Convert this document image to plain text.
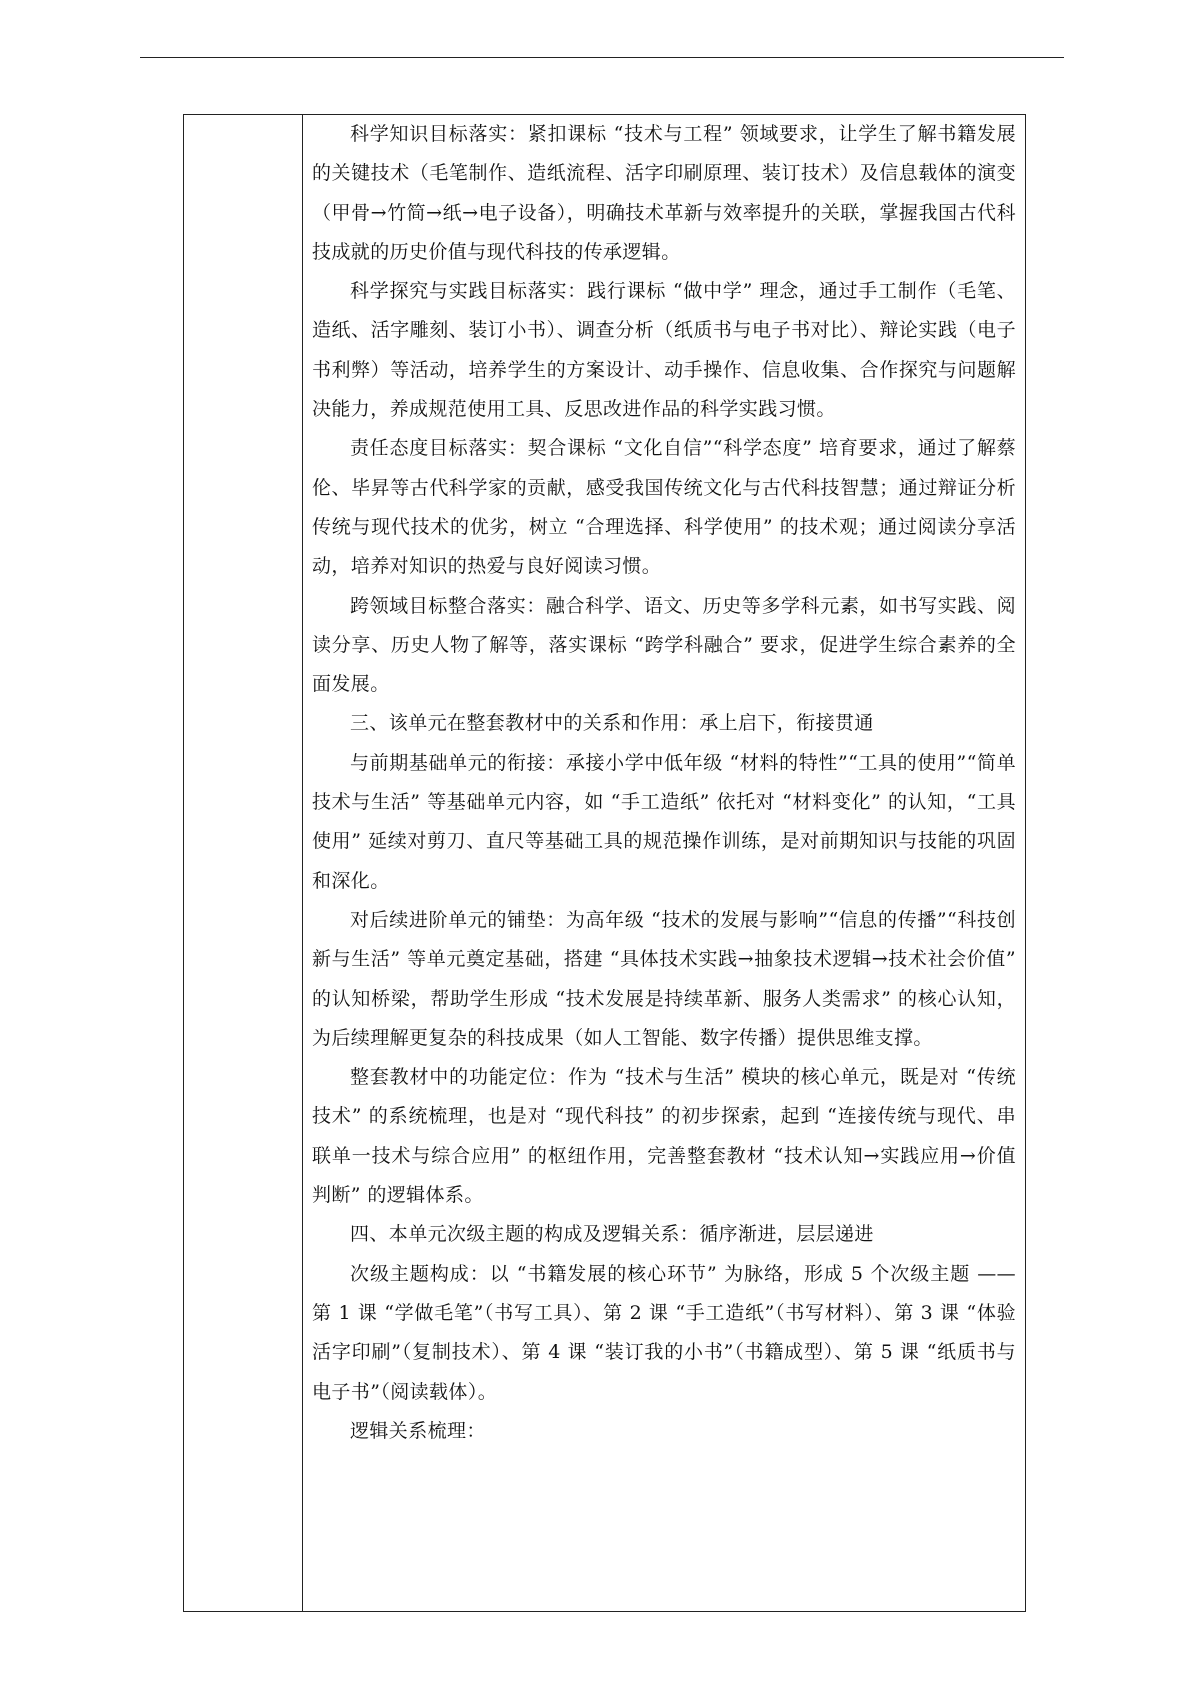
科学知识目标落实：紧扣课标 “技术与工程” 领域要求，让学生了解书籍发展的关键技术（毛笔制作、造纸流程、活字印刷原理、装订技术）及信息载体的演变（甲骨→竹简→纸→电子设备），明确技术革新与效率提升的关联，掌握我国古代科技成就的历史价值与现代科技的传承逻辑。

科学探究与实践目标落实：践行课标 “做中学” 理念，通过手工制作（毛笔、造纸、活字雕刻、装订小书）、调查分析（纸质书与电子书对比）、辩论实践（电子书利弊）等活动，培养学生的方案设计、动手操作、信息收集、合作探究与问题解决能力，养成规范使用工具、反思改进作品的科学实践习惯。

责任态度目标落实：契合课标 “文化自信”“科学态度” 培育要求，通过了解蔡伦、毕昇等古代科学家的贡献，感受我国传统文化与古代科技智慧；通过辩证分析传统与现代技术的优劣，树立 “合理选择、科学使用” 的技术观；通过阅读分享活动，培养对知识的热爱与良好阅读习惯。

跨领域目标整合落实：融合科学、语文、历史等多学科元素，如书写实践、阅读分享、历史人物了解等，落实课标 “跨学科融合” 要求，促进学生综合素养的全面发展。

三、该单元在整套教材中的关系和作用：承上启下，衔接贯通

与前期基础单元的衔接：承接小学中低年级 “材料的特性”“工具的使用”“简单技术与生活” 等基础单元内容，如 “手工造纸” 依托对 “材料变化” 的认知，“工具使用” 延续对剪刀、直尺等基础工具的规范操作训练，是对前期知识与技能的巩固和深化。

对后续进阶单元的铺垫：为高年级 “技术的发展与影响”“信息的传播”“科技创新与生活” 等单元奠定基础，搭建 “具体技术实践→抽象技术逻辑→技术社会价值” 的认知桥梁，帮助学生形成 “技术发展是持续革新、服务人类需求” 的核心认知，为后续理解更复杂的科技成果（如人工智能、数字传播）提供思维支撑。

整套教材中的功能定位：作为 “技术与生活” 模块的核心单元，既是对 “传统技术” 的系统梳理，也是对 “现代科技” 的初步探索，起到 “连接传统与现代、串联单一技术与综合应用” 的枢纽作用，完善整套教材 “技术认知→实践应用→价值判断” 的逻辑体系。

四、本单元次级主题的构成及逻辑关系：循序渐进，层层递进

次级主题构成：以 “书籍发展的核心环节” 为脉络，形成 5 个次级主题 —— 第 1 课 “学做毛笔”（书写工具）、第 2 课 “手工造纸”（书写材料）、第 3 课 “体验活字印刷”（复制技术）、第 4 课 “装订我的小书”（书籍成型）、第 5 课 “纸质书与电子书”（阅读载体）。

逻辑关系梳理：
